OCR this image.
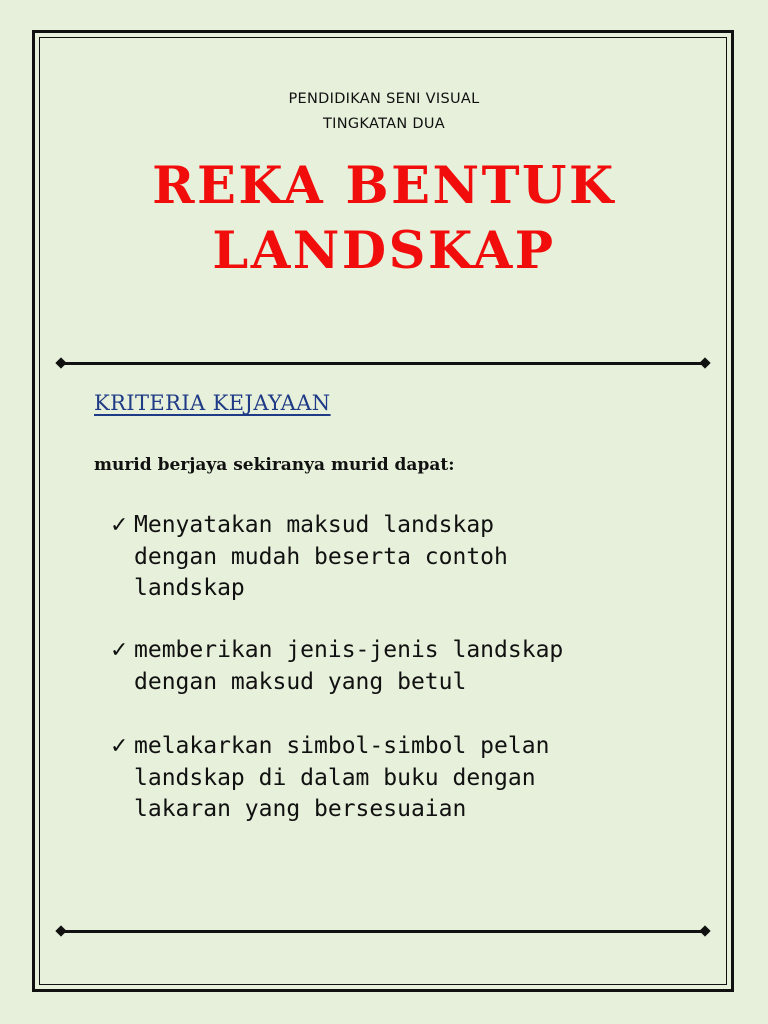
PENDIDIKAN SENI VISUAL
TINGKATAN DUA
REKA BENTUK
LANDSKAP
KRITERIA KEJAYAAN
murid berjaya sekiranya murid dapat:
✓ Menyatakan maksud landskap
dengan mudah beserta contoh
landskap
✓ memberikan jenis-jenis landskap
dengan maksud yang betul
✓ melakarkan simbol-simbol pelan
landskap di dalam buku dengan
lakaran yang bersesuaian
